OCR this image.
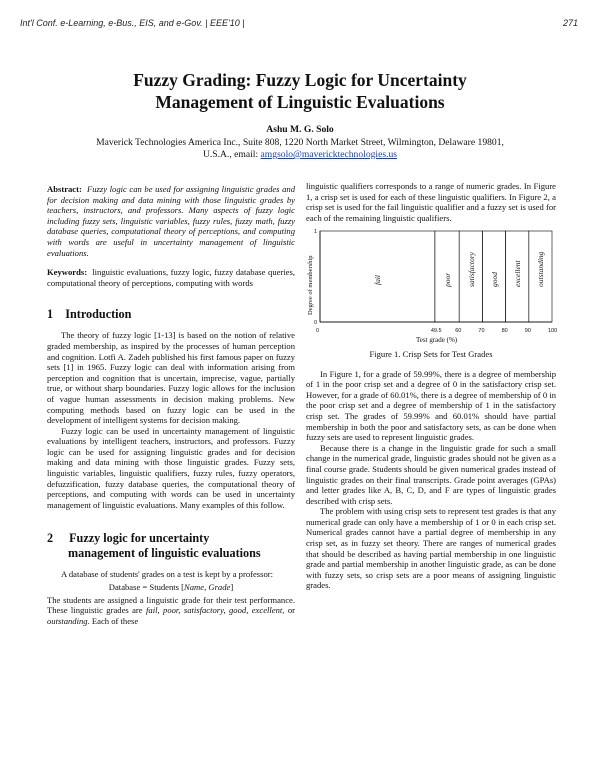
Int'l Conf. e-Learning, e-Bus., EIS, and e-Gov. | EEE'10 |	271
Fuzzy Grading: Fuzzy Logic for Uncertainty
Management of Linguistic Evaluations
Ashu M. G. Solo
Maverick Technologies America Inc., Suite 808, 1220 North Market Street, Wilmington, Delaware 19801,
U.S.A., email: amgsolo@mavericktechnologies.us

Abstract: Fuzzy logic can be used for assigning linguistic grades and for decision making and data mining with those linguistic grades by teachers, instructors, and professors. Many aspects of fuzzy logic including fuzzy sets, linguistic variables, fuzzy rules, fuzzy math, fuzzy database queries, computational theory of perceptions, and computing with words are useful in uncertainty management of linguistic evaluations.

Keywords: linguistic evaluations, fuzzy logic, fuzzy database queries, computational theory of perceptions, computing with words

1 Introduction

The theory of fuzzy logic [1-13] is based on the notion of relative graded membership, as inspired by the processes of human perception and cognition. Lotfi A. Zadeh published his first famous paper on fuzzy sets [1] in 1965. Fuzzy logic can deal with information arising from perception and cognition that is uncertain, imprecise, vague, partially true, or without sharp boundaries. Fuzzy logic allows for the inclusion of vague human assessments in decision making problems. New computing methods based on fuzzy logic can be used in the development of intelligent systems for decision making.

Fuzzy logic can be used in uncertainty management of linguistic evaluations by intelligent teachers, instructors, and professors. Fuzzy logic can be used for assigning linguistic grades and for decision making and data mining with those linguistic grades. Fuzzy sets, linguistic variables, linguistic qualifiers, fuzzy rules, fuzzy operators, defuzzification, fuzzy database queries, the computational theory of perceptions, and computing with words can be used in uncertainty management of linguistic evaluations. Many examples of this follow.

2 Fuzzy logic for uncertainty

management of linguistic evaluations

A database of students' grades on a test is kept by a professor:

Database = Students [Name, Grade]

The students are assigned a linguistic grade for their test performance. These linguistic grades are fail, poor, satisfactory, good, excellent, or outstanding. Each of these

linguistic qualifiers corresponds to a range of numeric grades. In Figure 1, a crisp set is used for each of these linguistic qualifiers. In Figure 2, a crisp set is used for the fail linguistic qualifier and a fuzzy set is used for each of the remaining linguistic qualifiers.

Degree of membership	fail	poor satisfactory good excellent outstanding
1
0
0	49.5 60	70	80	90	100
Test grade (%)

Figure 1. Crisp Sets for Test Grades

In Figure 1, for a grade of 59.99%, there is a degree of membership of 1 in the poor crisp set and a degree of 0 in the satisfactory crisp set. However, for a grade of 60.01%, there is a degree of membership of 0 in the poor crisp set and a degree of membership of 1 in the satisfactory crisp set. The grades of 59.99% and 60.01% should have partial membership in both the poor and satisfactory sets, as can be done when fuzzy sets are used to represent linguistic grades.

Because there is a change in the linguistic grade for such a small change in the numerical grade, linguistic grades should not be given as a final course grade. Students should be given numerical grades instead of linguistic grades on their final transcripts. Grade point averages (GPAs) and letter grades like A, B, C, D, and F are types of linguistic grades described with crisp sets.

The problem with using crisp sets to represent test grades is that any numerical grade can only have a membership of 1 or 0 in each crisp set. Numerical grades cannot have a partial degree of membership in any crisp set, as in fuzzy set theory. There are ranges of numerical grades that should be described as having partial membership in one linguistic grade and partial membership in another linguistic grade, as can be done with fuzzy sets, so crisp sets are a poor means of assigning linguistic grades.
